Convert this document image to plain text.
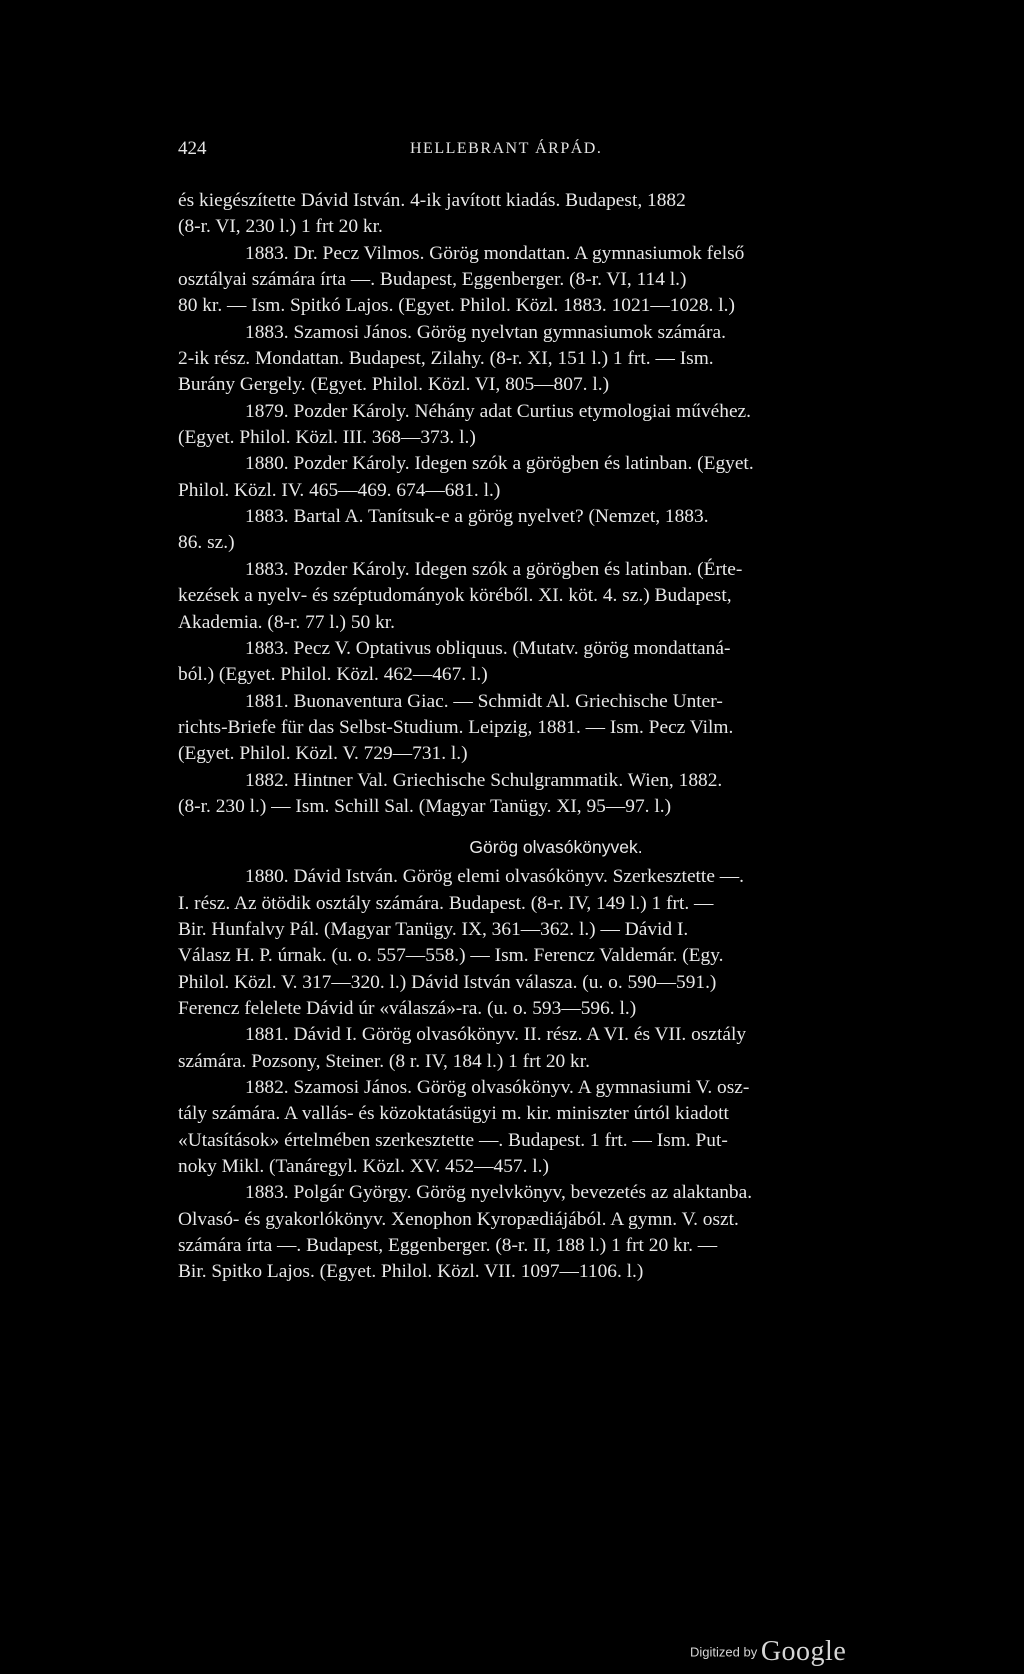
424	HELLEBRANT ÁRPÁD.
és kiegészítette Dávid István. 4-ik javított kiadás. Budapest, 1882
(8-r. VI, 230 l.) 1 frt 20 kr.
1883. Dr. Pecz Vilmos. Görög mondattan. A gymnasiumok felső
osztályai számára írta —. Budapest, Eggenberger. (8-r. VI, 114 l.)
80 kr. — Ism. Spitkó Lajos. (Egyet. Philol. Közl. 1883. 1021—1028. l.)
1883. Szamosi János. Görög nyelvtan gymnasiumok számára.
2-ik rész. Mondattan. Budapest, Zilahy. (8-r. XI, 151 l.) 1 frt. — Ism.
Burány Gergely. (Egyet. Philol. Közl. VI, 805—807. l.)
1879. Pozder Károly. Néhány adat Curtius etymologiai művéhez.
(Egyet. Philol. Közl. III. 368—373. l.)
1880. Pozder Károly. Idegen szók a görögben és latinban. (Egyet.
Philol. Közl. IV. 465—469. 674—681. l.)
1883. Bartal A. Tanítsuk-e a görög nyelvet? (Nemzet, 1883.
86. sz.)
1883. Pozder Károly. Idegen szók a görögben és latinban. (Érte-
kezések a nyelv- és széptudományok köréből. XI. köt. 4. sz.) Budapest,
Akademia. (8-r. 77 l.) 50 kr.
1883. Pecz V. Optativus obliquus. (Mutatv. görög mondattaná-
ból.) (Egyet. Philol. Közl. 462—467. l.)
1881. Buonaventura Giac. — Schmidt Al. Griechische Unter-
richts-Briefe für das Selbst-Studium. Leipzig, 1881. — Ism. Pecz Vilm.
(Egyet. Philol. Közl. V. 729—731. l.)
1882. Hintner Val. Griechische Schulgrammatik. Wien, 1882.
(8-r. 230 l.) — Ism. Schill Sal. (Magyar Tanügy. XI, 95—97. l.)
Görög olvasókönyvek.
1880. Dávid István. Görög elemi olvasókönyv. Szerkesztette —.
I. rész. Az ötödik osztály számára. Budapest. (8-r. IV, 149 l.) 1 frt. —
Bir. Hunfalvy Pál. (Magyar Tanügy. IX, 361—362. l.) — Dávid I.
Válasz H. P. úrnak. (u. o. 557—558.) — Ism. Ferencz Valdemár. (Egy.
Philol. Közl. V. 317—320. l.) Dávid István válasza. (u. o. 590—591.)
Ferencz felelete Dávid úr «válaszá»-ra. (u. o. 593—596. l.)
1881. Dávid I. Görög olvasókönyv. II. rész. A VI. és VII. osztály
számára. Pozsony, Steiner. (8 r. IV, 184 l.) 1 frt 20 kr.
1882. Szamosi János. Görög olvasókönyv. A gymnasiumi V. osz-
tály számára. A vallás- és közoktatásügyi m. kir. miniszter úrtól kiadott
«Utasítások» értelmében szerkesztette —. Budapest. 1 frt. — Ism. Put-
noky Mikl. (Tanáregyl. Közl. XV. 452—457. l.)
1883. Polgár György. Görög nyelvkönyv, bevezetés az alaktanba.
Olvasó- és gyakorlókönyv. Xenophon Kyropædiájából. A gymn. V. oszt.
számára írta —. Budapest, Eggenberger. (8-r. II, 188 l.) 1 frt 20 kr. —
Bir. Spitko Lajos. (Egyet. Philol. Közl. VII. 1097—1106. l.)
Digitized by Google
